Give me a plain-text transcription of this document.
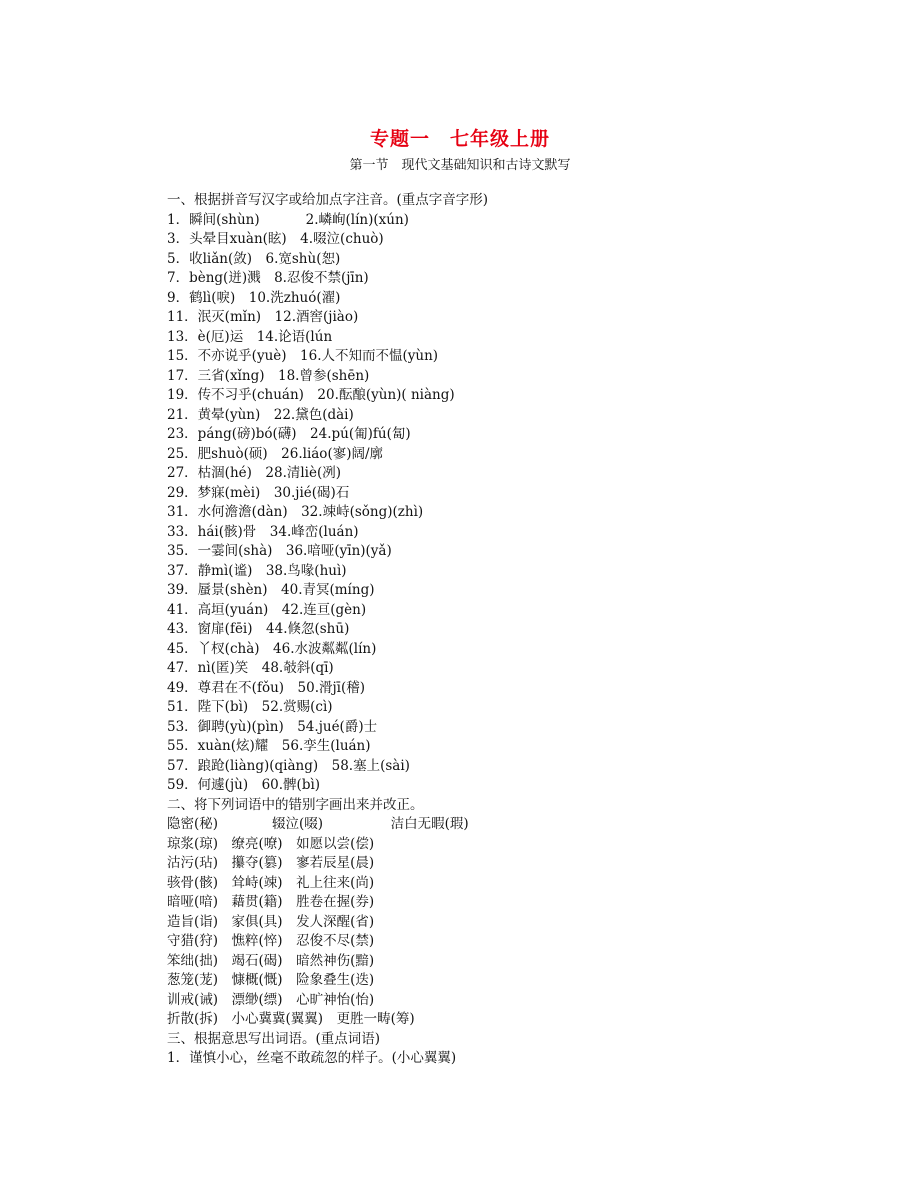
专题一　七年级上册
第一节　现代文基础知识和古诗文默写
一、根据拼音写汉字或给加点字注音。(重点字音字形)
1．瞬间(shùn)	2.嶙峋(lín)(xún)
3．头晕目xuàn(眩)　4.啜泣(chuò)
5．收liǎn(敛)　6.宽shù(恕)
7．bèng(迸)溅　8.忍俊不禁(jīn)
9．鹤lì(唳)　10.洗zhuó(濯)
11．泯灭(mǐn)　12.酒窖(jiào)
13．è(厄)运　14.论语(lún
15．不亦说乎(yuè)　16.人不知而不愠(yùn)
17．三省(xǐng)　18.曾参(shēn)
19．传不习乎(chuán)　20.酝酿(yùn)( niàng)
21．黄晕(yùn)　22.黛色(dài)
23．páng(磅)bó(礴)　24.pú(匍)fú(匐)
25．肥shuò(硕)　26.liáo(寥)阔/廓
27．枯涸(hé)　28.清liè(冽)
29．梦寐(mèi)　30.jié(碣)石
31．水何澹澹(dàn)　32.竦峙(sǒng)(zhì)
33．hái(骸)骨　34.峰峦(luán)
35．一霎间(shà)　36.喑哑(yīn)(yǎ)
37．静mì(谧)　38.鸟喙(huì)
39．蜃景(shèn)　40.青冥(míng)
41．高垣(yuán)　42.连亘(gèn)
43．窗扉(fēi)　44.倏忽(shū)
45．丫杈(chà)　46.水波粼粼(lín)
47．nì(匿)笑　48.攲斜(qī)
49．尊君在不(fǒu)　50.滑jī(稽)
51．陛下(bì)　52.赏赐(cì)
53．御聘(yù)(pìn)　54.jué(爵)士
55．xuàn(炫)耀　56.孪生(luán)
57．踉跄(liàng)(qiàng)　58.塞上(sài)
59．何遽(jù)　60.髀(bì)
二、将下列词语中的错别字画出来并改正。
隐密(秘)　　　　辍泣(啜)　　　　　洁白无暇(瑕)
琼浆(琼)　缭亮(嘹)　如愿以尝(偿)
沽污(玷)　攥夺(篡)　寥若辰星(晨)
骇骨(骸)　耸峙(竦)　礼上往来(尚)
暗哑(喑)　藉贯(籍)　胜卷在握(券)
造旨(诣)　家俱(具)　发人深醒(省)
守猎(狩)　憔粹(悴)　忍俊不尽(禁)
笨绌(拙)　竭石(碣)　暗然神伤(黯)
葱笼(茏)　慷概(慨)　险象叠生(迭)
训戒(诫)　漂缈(缥)　心旷神怡(怡)
折散(拆)　小心冀冀(翼翼)　更胜一畴(筹)
三、根据意思写出词语。(重点词语)
1．谨慎小心，丝毫不敢疏忽的样子。(小心翼翼)
